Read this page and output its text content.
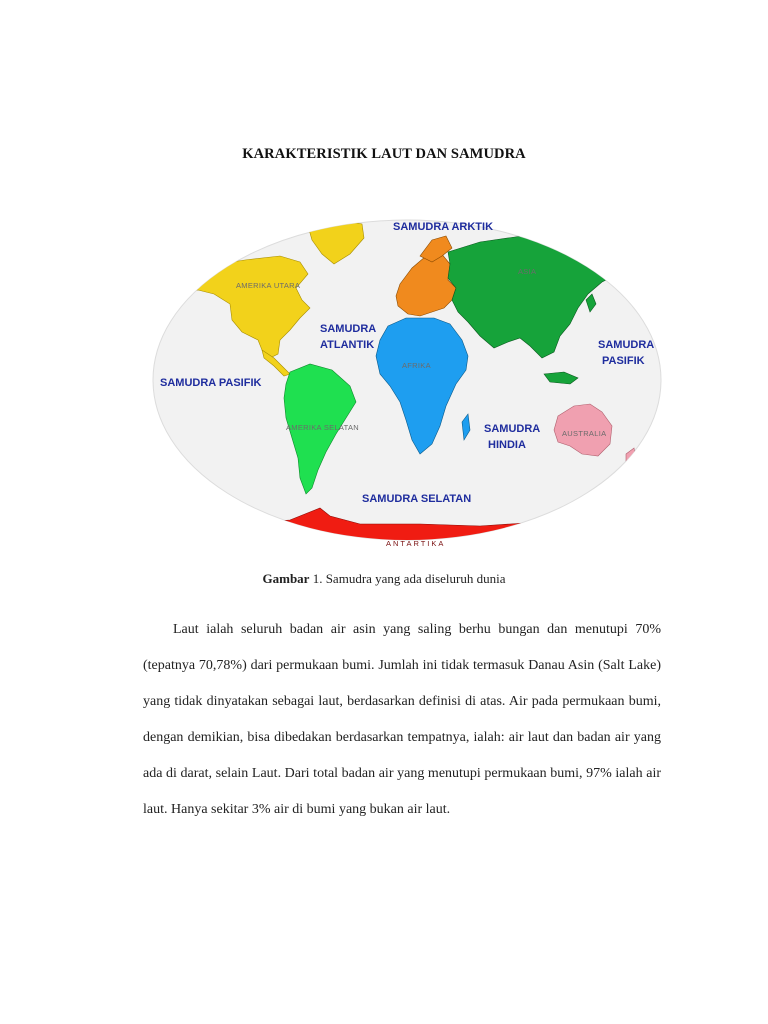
KARAKTERISTIK LAUT DAN SAMUDRA
AMERIKA UTARA
AMERIKA SELATAN
ASIA
AFRIKA
AUSTRALIA
ANTARTIKA
SAMUDRA ARKTIK
SAMUDRA
ATLANTIK
SAMUDRA PASIFIK
SAMUDRA
PASIFIK
SAMUDRA
HINDIA
SAMUDRA SELATAN
Gambar 1. Samudra yang ada diseluruh dunia

Laut ialah seluruh badan air asin yang saling berhu bungan dan menutupi 70% (tepatnya 70,78%) dari permukaan bumi. Jumlah ini tidak termasuk Danau Asin (Salt Lake) yang tidak dinyatakan sebagai laut, berdasarkan definisi di atas. Air pada permukaan bumi, dengan demikian, bisa dibedakan berdasarkan tempatnya, ialah: air laut dan badan air yang ada di darat, selain Laut. Dari total badan air yang menutupi permukaan bumi, 97% ialah air laut. Hanya sekitar 3% air di bumi yang bukan air laut.
